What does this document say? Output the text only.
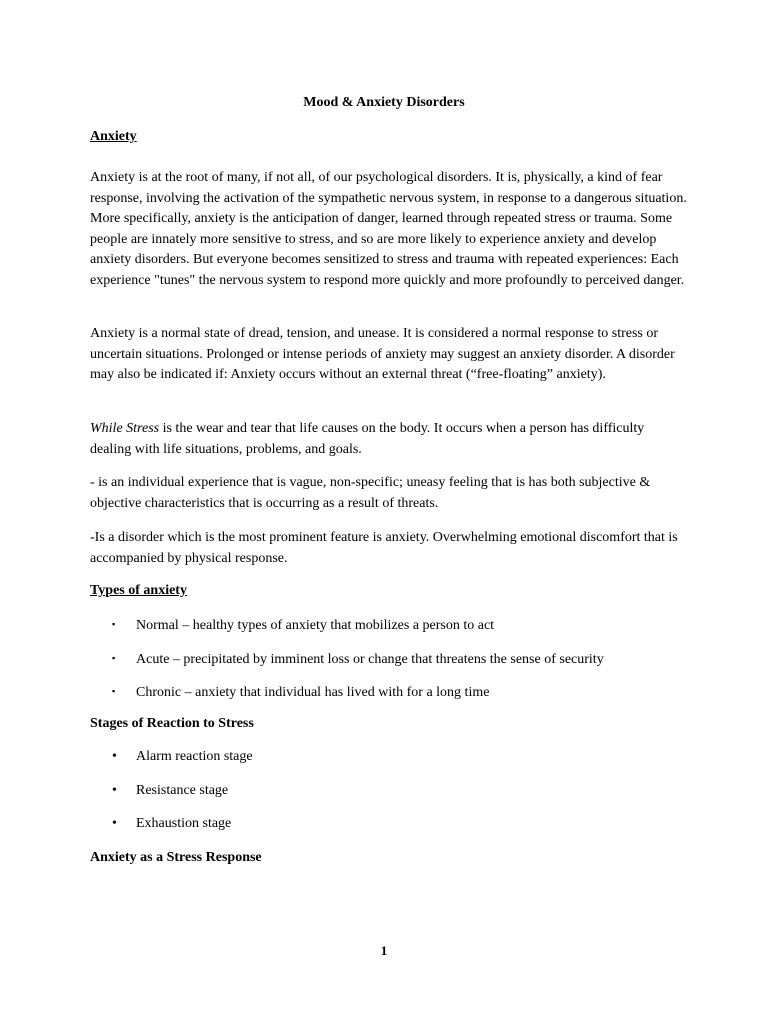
Mood & Anxiety Disorders

Anxiety

Anxiety is at the root of many, if not all, of our psychological disorders. It is, physically, a kind of fear response, involving the activation of the sympathetic nervous system, in response to a dangerous situation. More specifically, anxiety is the anticipation of danger, learned through repeated stress or trauma. Some people are innately more sensitive to stress, and so are more likely to experience anxiety and develop anxiety disorders. But everyone becomes sensitized to stress and trauma with repeated experiences: Each experience "tunes" the nervous system to respond more quickly and more profoundly to perceived danger.

Anxiety is a normal state of dread, tension, and unease. It is considered a normal response to stress or uncertain situations. Prolonged or intense periods of anxiety may suggest an anxiety disorder. A disorder may also be indicated if: Anxiety occurs without an external threat (“free-floating” anxiety).

While Stress is the wear and tear that life causes on the body. It occurs when a person has difficulty dealing with life situations, problems, and goals.

- is an individual experience that is vague, non-specific; uneasy feeling that is has both subjective & objective characteristics that is occurring as a result of threats.

-Is a disorder which is the most prominent feature is anxiety. Overwhelming emotional discomfort that is accompanied by physical response.

Types of anxiety

▪ Normal – healthy types of anxiety that mobilizes a person to act
▪ Acute – precipitated by imminent loss or change that threatens the sense of security
▪ Chronic – anxiety that individual has lived with for a long time

Stages of Reaction to Stress

• Alarm reaction stage
• Resistance stage
• Exhaustion stage

Anxiety as a Stress Response

1
